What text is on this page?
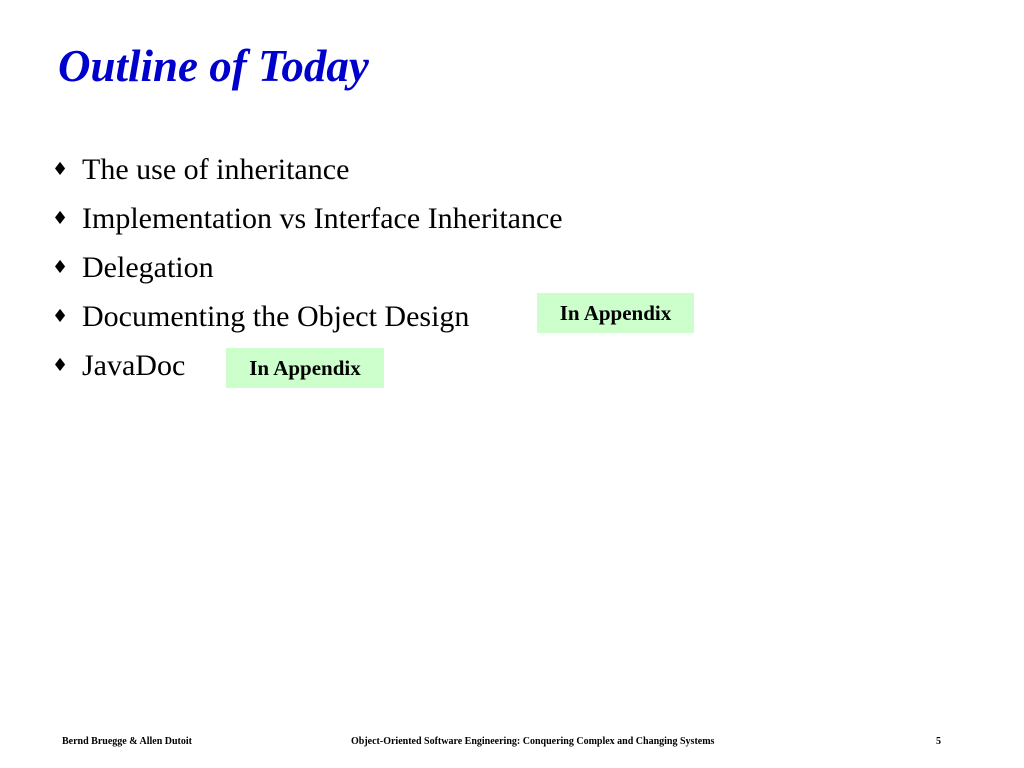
Outline of Today
♦ The use of inheritance
♦ Implementation vs Interface Inheritance
♦ Delegation
♦ Documenting the Object Design
♦ JavaDoc
In Appendix
In Appendix
Bernd Bruegge & Allen Dutoit	Object-Oriented Software Engineering: Conquering Complex and Changing Systems	5
